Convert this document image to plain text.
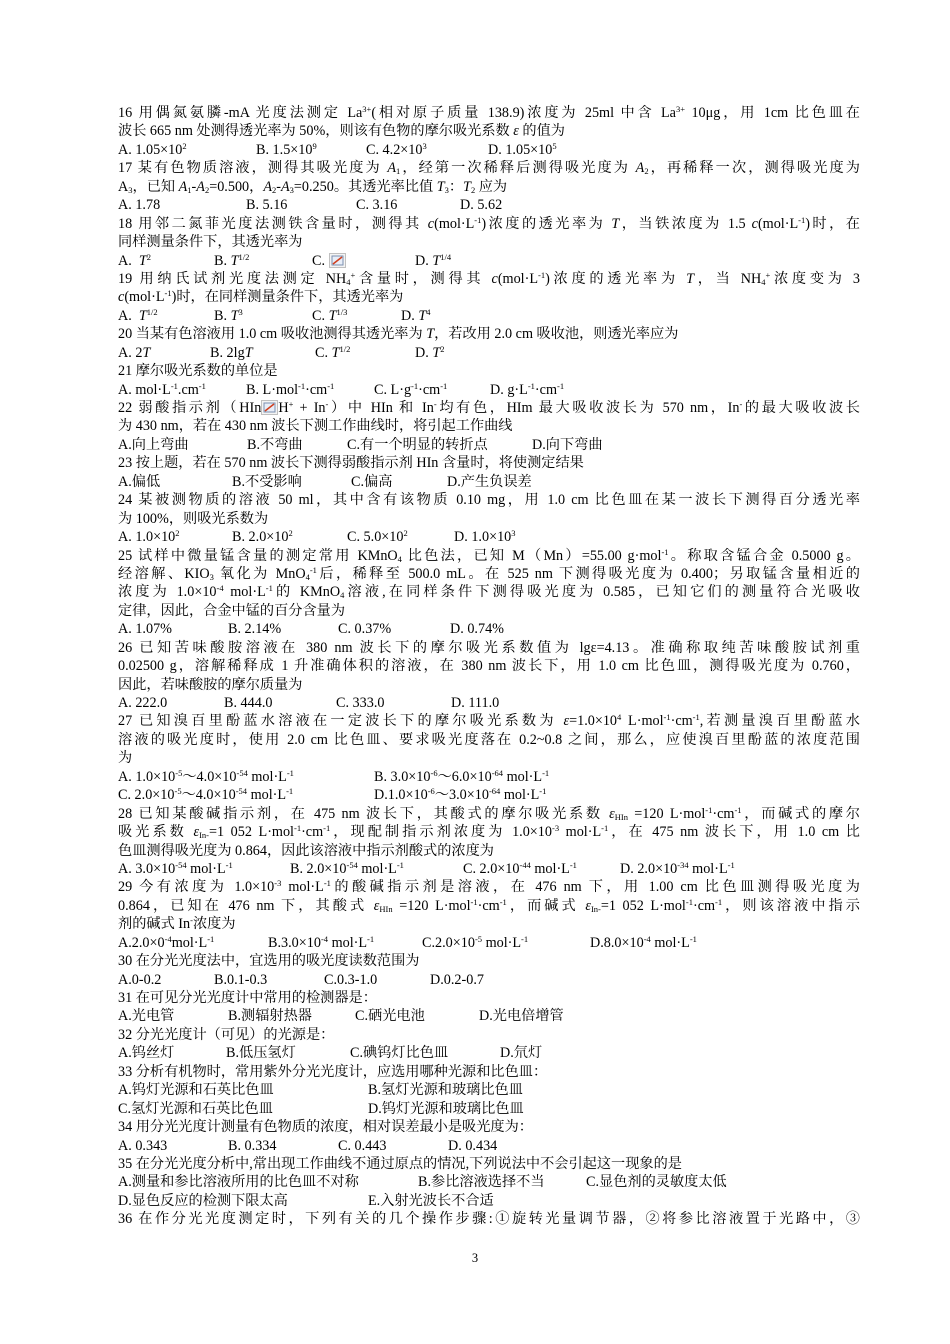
16 用偶氮氨膦-mA 光度法测定 $La^{3+}$(相对原子质量 138.9)浓度为 25ml 中含 $La^{3+}$ 10μg，用 1cm 比色皿在
波长 665 nm 处测得透光率为 50%，则该有色物的摩尔吸光系数 ε 的值为
A. $1.05\times 10^2$	B. $1.5\times 10^9$	C. $4.2\times 10^3$	D. $1.05\times 10^5$
17 某有色物质溶液，测得其吸光度为 $A_1$，经第一次稀释后测得吸光度为 $A_2$，再稀释一次，测得吸光度为
$A_3$，已知 $A_1-A_2=0.500$，$A_2-A_3=0.250$。其透光率比值 $T_3$：$T_2$ 应为
A. 1.78	B. 5.16	C. 3.16	D. 5.62
18 用邻二氮菲光度法测铁含量时，测得其 $c(mol\cdot L^{-1})$浓度的透光率为 T，当铁浓度为 1.5 $c(mol\cdot L^{-1})$时，在
同样测量条件下，其透光率为
A.  $T^2$	B. $T^{1/2}$	C.	D. $T^{1/4}$
19 用纳氏试剂光度法测定 $NH_4^+$含量时，测得其 $c(mol\cdot L^{-1})$浓度的透光率为 T，当 $NH_4^+$浓度变为 3
$c(mol\cdot L^{-1})$时，在同样测量条件下，其透光率为
A.  $T^{1/2}$	B. $T^3$	C. $T^{1/3}$	D. $T^4$
20 当某有色溶液用 1.0 cm 吸收池测得其透光率为 T，若改用 2.0 cm 吸收池，则透光率应为
A. 2T	B. 2lgT	C. $T^{1/2}$	D. $T^2$
21 摩尔吸光系数的单位是
A. $mol\cdot L^{-1}.cm^{-1}$	B. $L\cdot mol^{-1}\cdot cm^{-1}$	C. $L\cdot g^{-1}\cdot cm^{-1}$	D. $g\cdot L^{-1}\cdot cm^{-1}$
22 弱酸指示剂（HIn H+ + In-）中 HIn 和 In-均有色，HIm 最大吸收波长为 570 nm，In-的最大吸收波长
为 430 nm，若在 430 nm 波长下测工作曲线时，将引起工作曲线
A.向上弯曲	B.不弯曲	C.有一个明显的转折点	D.向下弯曲
23 按上题，若在 570 nm 波长下测得弱酸指示剂 HIn 含量时，将使测定结果
A.偏低	B.不受影响	C.偏高	D.产生负误差
24 某被测物质的溶液 50 ml，其中含有该物质 0.10 mg，用 1.0 cm 比色皿在某一波长下测得百分透光率
为 100%，则吸光系数为
A. $1.0\times 10^2$	B. $2.0\times 10^2$	C. $5.0\times 10^2$	D. $1.0\times 10^3$
25 试样中微量锰含量的测定常用 KMnO$_4$ 比色法，已知 M（Mn）=55.00 g·mol$^{-1}$。称取含锰合金 0.5000 g。
经溶解、$KIO_3$ 氧化为 MnO$_4^{-1}$后，稀释至 500.0 mL。在 525 nm 下测得吸光度为 0.400；另取锰含量相近的
浓度为 $1.0\times 10^{-4}$ $mol\cdot L^{-1}$的 KMnO$_4$溶液,在同样条件下测得吸光度为 0.585，已知它们的测量符合光吸收
定律，因此，合金中锰的百分含量为
A. 1.07%	B. 2.14%	C. 0.37%	D. 0.74%
26 已知苦味酸胺溶液在 380 nm 波长下的摩尔吸光系数值为 lgε=4.13。准确称取纯苦味酸胺试剂重
0.02500 g，溶解稀释成 1 升准确体积的溶液，在 380 nm 波长下，用 1.0 cm 比色皿，测得吸光度为 0.760，
因此，若味酸胺的摩尔质量为
A. 222.0	B. 444.0	C. 333.0	D. 111.0
27 已知溴百里酚蓝水溶液在一定波长下的摩尔吸光系数为 $\varepsilon=1.0\times 10^4$ $L\cdot mol^{-1}\cdot cm^{-1}$,若测量溴百里酚蓝水
溶液的吸光度时，使用 2.0 cm 比色皿、要求吸光度落在 0.2~0.8 之间，那么，应使溴百里酚蓝的浓度范围
为
A. $1.0\times 10^{-5}\sim 4.0\times 10^{-54}$ $mol\cdot L^{-1}$	B. $3.0\times 10^{-6}\sim 6.0\times 10^{-64}$ $mol\cdot L^{-1}$
C. $2.0\times 10^{-5}\sim 4.0\times 10^{-54}$ $mol\cdot L^{-1}$	$D.1.0\times 10^{-6}\sim 3.0\times 10^{-64}$ $mol\cdot L^{-1}$
28 已知某酸碱指示剂，在 475 nm 波长下，其酸式的摩尔吸光系数 $\varepsilon_{HIn} =120$ $L\cdot mol^{-1}\cdot cm^{-1}$，而碱式的摩尔
吸光系数 $\varepsilon_{In-}=1$ 052 $L\cdot mol^{-1}\cdot cm^{-1}$，现配制指示剂浓度为 $1.0\times 10^{-3}$ $mol\cdot L^{-1}$，在 475 nm 波长下，用 1.0 cm 比
色皿测得吸光度为 0.864，因此该溶液中指示剂酸式的浓度为
A. $3.0\times 10^{-54}$ $mol\cdot L^{-1}$	B. $2.0\times 10^{-54}$ $mol\cdot L^{-1}$	C. $2.0\times 10^{-44}$ $mol\cdot L^{-1}$	D. $2.0\times 10^{-34}$ $mol\cdot L^{-1}$
29 今有浓度为 $1.0\times 10^{-3}$ $mol\cdot L^{-1}$的酸碱指示剂是溶液，在 476 nm 下，用 1.00 cm 比色皿测得吸光度为
0.864，已知在 476 nm 下，其酸式 $\varepsilon_{HIn} =120$ $L\cdot mol^{-1}\cdot cm^{-1}$，而碱式 $\varepsilon_{In-}=1$ 052 $L\cdot mol^{-1}\cdot cm^{-1}$，则该溶液中指示
剂的碱式 In-浓度为
$A.2.0\times 0^{-4}mol\cdot L^{-1}$	$B.3.0\times 10^{-4}$ $mol\cdot L^{-1}$	$C.2.0\times 10^{-5}$ $mol\cdot L^{-1}$	$D.8.0\times 10^{-4}$ $mol\cdot L^{-1}$
30 在分光光度法中，宜选用的吸光度读数范围为
A.0-0.2	B.0.1-0.3	C.0.3-1.0	D.0.2-0.7
31 在可见分光光度计中常用的检测器是：
A.光电管	B.测辐射热器	C.硒光电池	D.光电倍增管
32 分光光度计（可见）的光源是：
A.钨丝灯	B.低压氢灯	C.碘钨灯比色皿	D.氘灯
33 分析有机物时，常用紫外分光光度计，应选用哪种光源和比色皿：
A.钨灯光源和石英比色皿	B.氢灯光源和玻璃比色皿
C.氢灯光源和石英比色皿	D.钨灯光源和玻璃比色皿
34 用分光光度计测量有色物质的浓度，相对误差最小是吸光度为：
A. 0.343	B. 0.334	C. 0.443	D. 0.434
35 在分光光度分析中,常出现工作曲线不通过原点的情况,下列说法中不会引起这一现象的是
A.测量和参比溶液所用的比色皿不对称	B.参比溶液选择不当	C.显色剂的灵敏度太低
D.显色反应的检测下限太高	E.入射光波长不合适
36 在作分光光度测定时，下列有关的几个操作步骤:①旋转光量调节器，②将参比溶液置于光路中，③
3
